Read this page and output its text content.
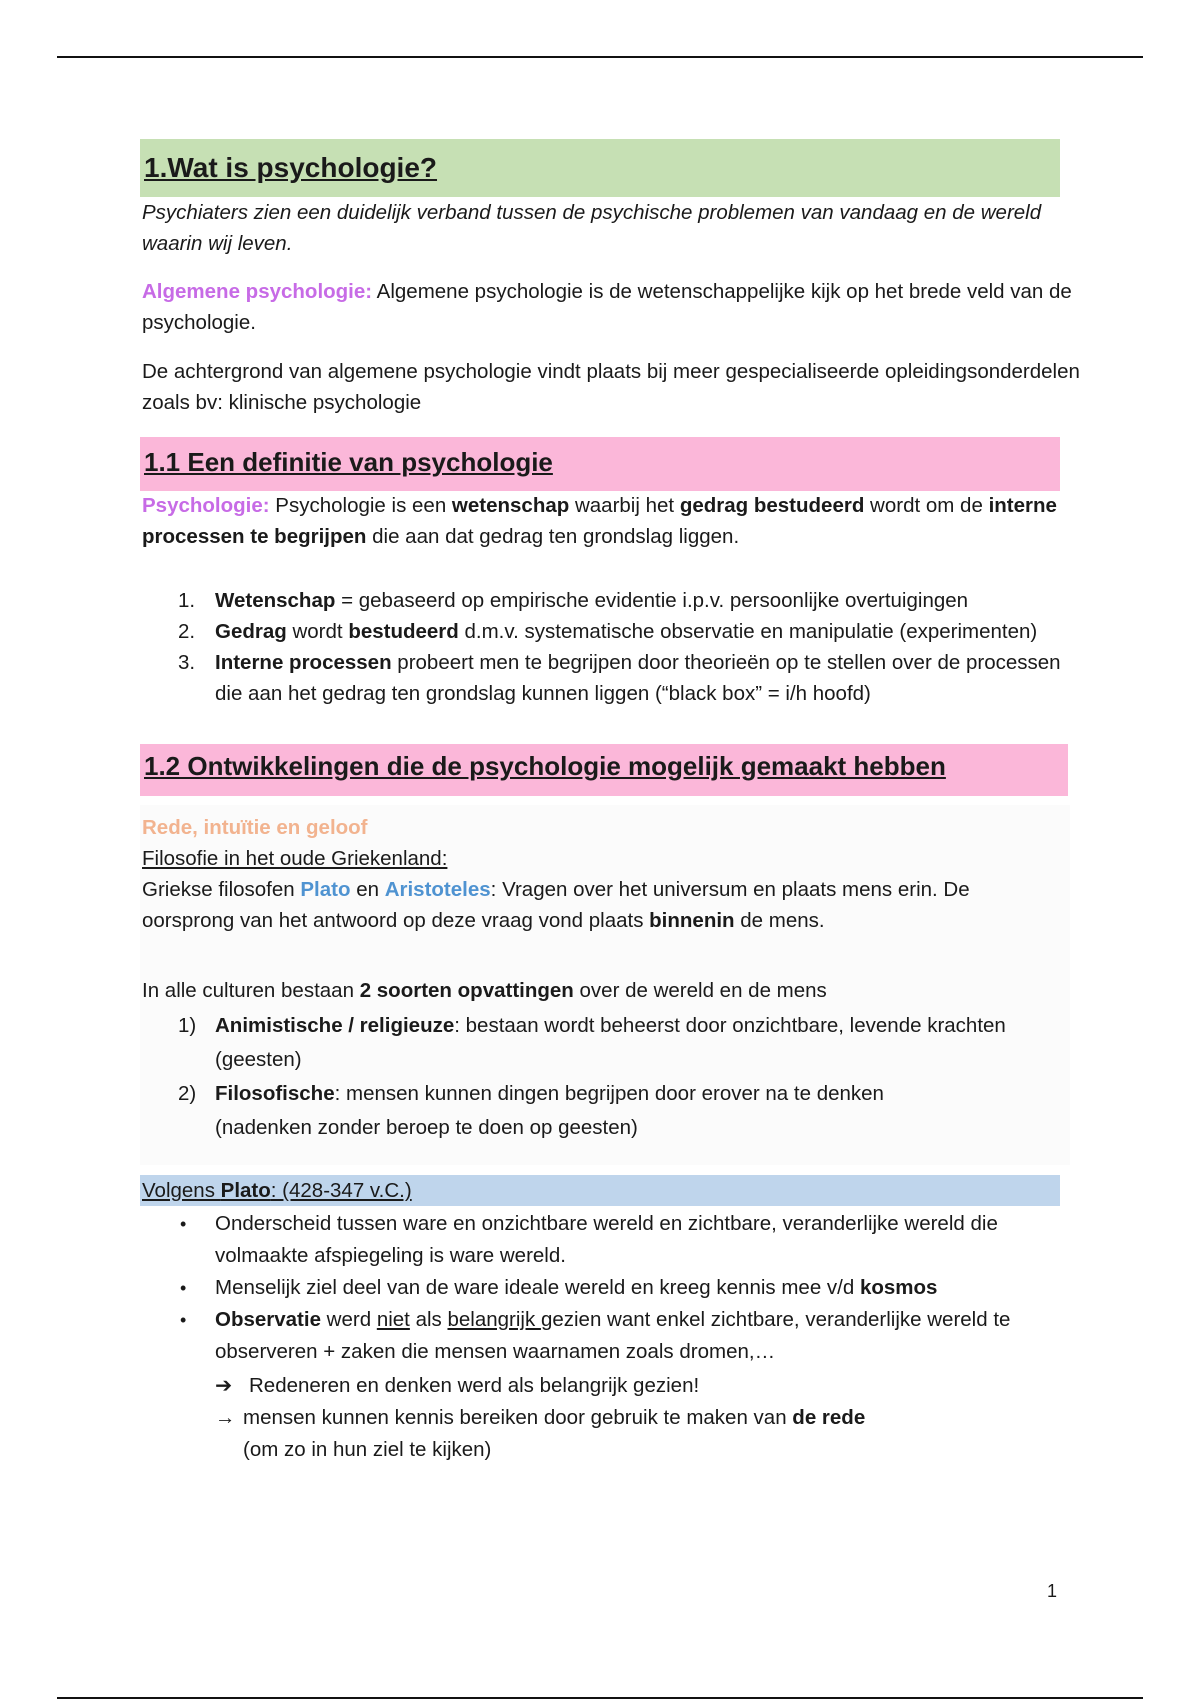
1.Wat is psychologie?

Psychiaters zien een duidelijk verband tussen de psychische problemen van vandaag en de wereld waarin wij leven.

Algemene psychologie: Algemene psychologie is de wetenschappelijke kijk op het brede veld van de psychologie.

De achtergrond van algemene psychologie vindt plaats bij meer gespecialiseerde opleidingsonderdelen zoals bv: klinische psychologie

1.1 Een definitie van psychologie

Psychologie: Psychologie is een wetenschap waarbij het gedrag bestudeerd wordt om de interne processen te begrijpen die aan dat gedrag ten grondslag liggen.

1. Wetenschap = gebaseerd op empirische evidentie i.p.v. persoonlijke overtuigingen
2. Gedrag wordt bestudeerd d.m.v. systematische observatie en manipulatie (experimenten)
3. Interne processen probeert men te begrijpen door theorieën op te stellen over de processen die aan het gedrag ten grondslag kunnen liggen (“black box” = i/h hoofd)
1.2 Ontwikkelingen die de psychologie mogelijk gemaakt hebben

Rede, intuïtie en geloof

Filosofie in het oude Griekenland:

Griekse filosofen Plato en Aristoteles: Vragen over het universum en plaats mens erin. De oorsprong van het antwoord op deze vraag vond plaats binnenin de mens.

In alle culturen bestaan 2 soorten opvattingen over de wereld en de mens

1) Animistische / religieuze: bestaan wordt beheerst door onzichtbare, levende krachten (geesten)
2) Filosofische: mensen kunnen dingen begrijpen door erover na te denken (nadenken zonder beroep te doen op geesten)

Volgens Plato: (428-347 v.C.)

• Onderscheid tussen ware en onzichtbare wereld en zichtbare, veranderlijke wereld die volmaakte afspiegeling is ware wereld.
• Menselijk ziel deel van de ware ideale wereld en kreeg kennis mee v/d kosmos
• Observatie werd niet als belangrijk gezien want enkel zichtbare, veranderlijke wereld te observeren + zaken die mensen waarnamen zoals dromen,…
➔ Redeneren en denken werd als belangrijk gezien!
→ mensen kunnen kennis bereiken door gebruik te maken van de rede
(om zo in hun ziel te kijken)
1
